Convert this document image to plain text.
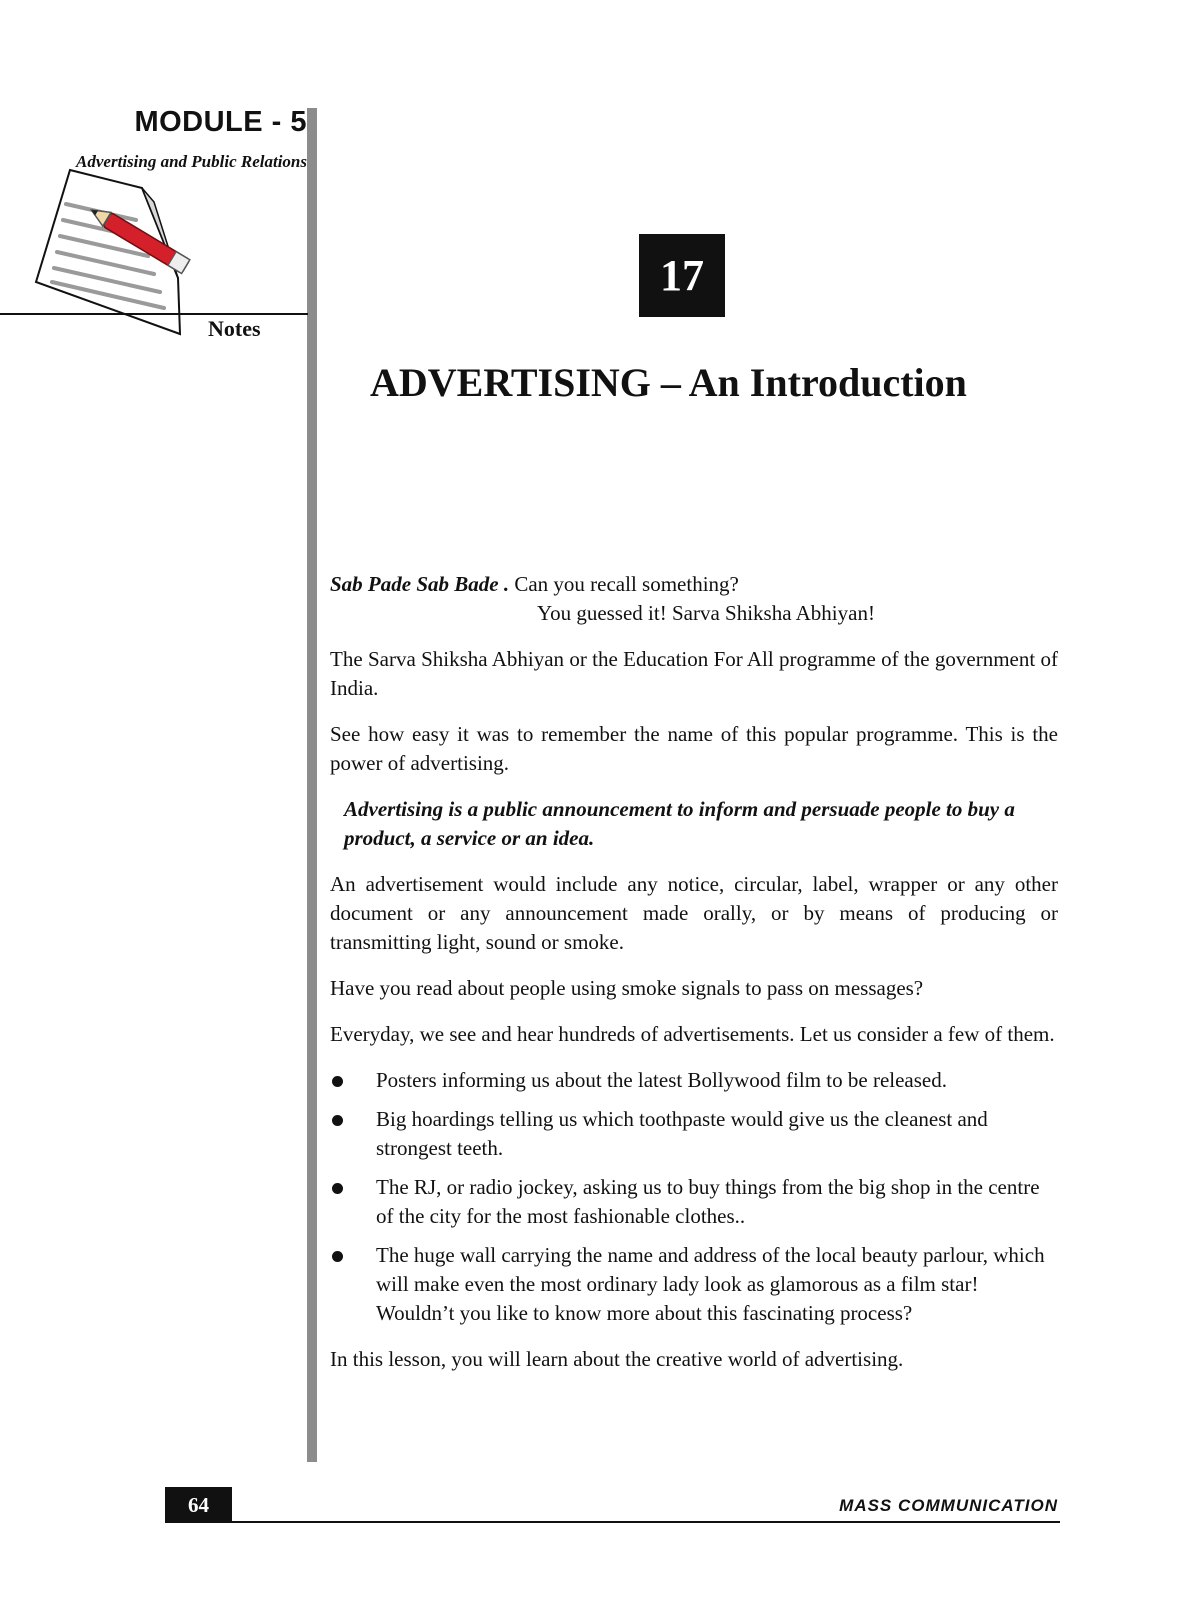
MODULE - 5
Advertising and Public Relations
Notes
17
ADVERTISING – An Introduction

Sab Pade Sab Bade . Can you recall something?

You guessed it! Sarva Shiksha Abhiyan!

The Sarva Shiksha Abhiyan or the Education For All programme of the government of India.

See how easy it was to remember the name of this popular programme. This is the power of advertising.

Advertising is a public announcement to inform and persuade people to buy a product, a service or an idea.

An advertisement would include any notice, circular, label, wrapper or any other document or any announcement made orally, or by means of producing or transmitting light, sound or smoke.

Have you read about people using smoke signals to pass on messages?

Everyday, we see and hear hundreds of advertisements. Let us consider a few of them.

Posters informing us about the latest Bollywood film to be released.
Big hoardings telling us which toothpaste would give us the cleanest and strongest teeth.
The RJ, or radio jockey, asking us to buy things from the big shop in the centre of the city for the most fashionable clothes..
The huge wall carrying the name and address of the local beauty parlour, which will make even the most ordinary lady look as glamorous as a film star! Wouldn’t you like to know more about this fascinating process?

In this lesson, you will learn about the creative world of advertising.

64	MASS COMMUNICATION
